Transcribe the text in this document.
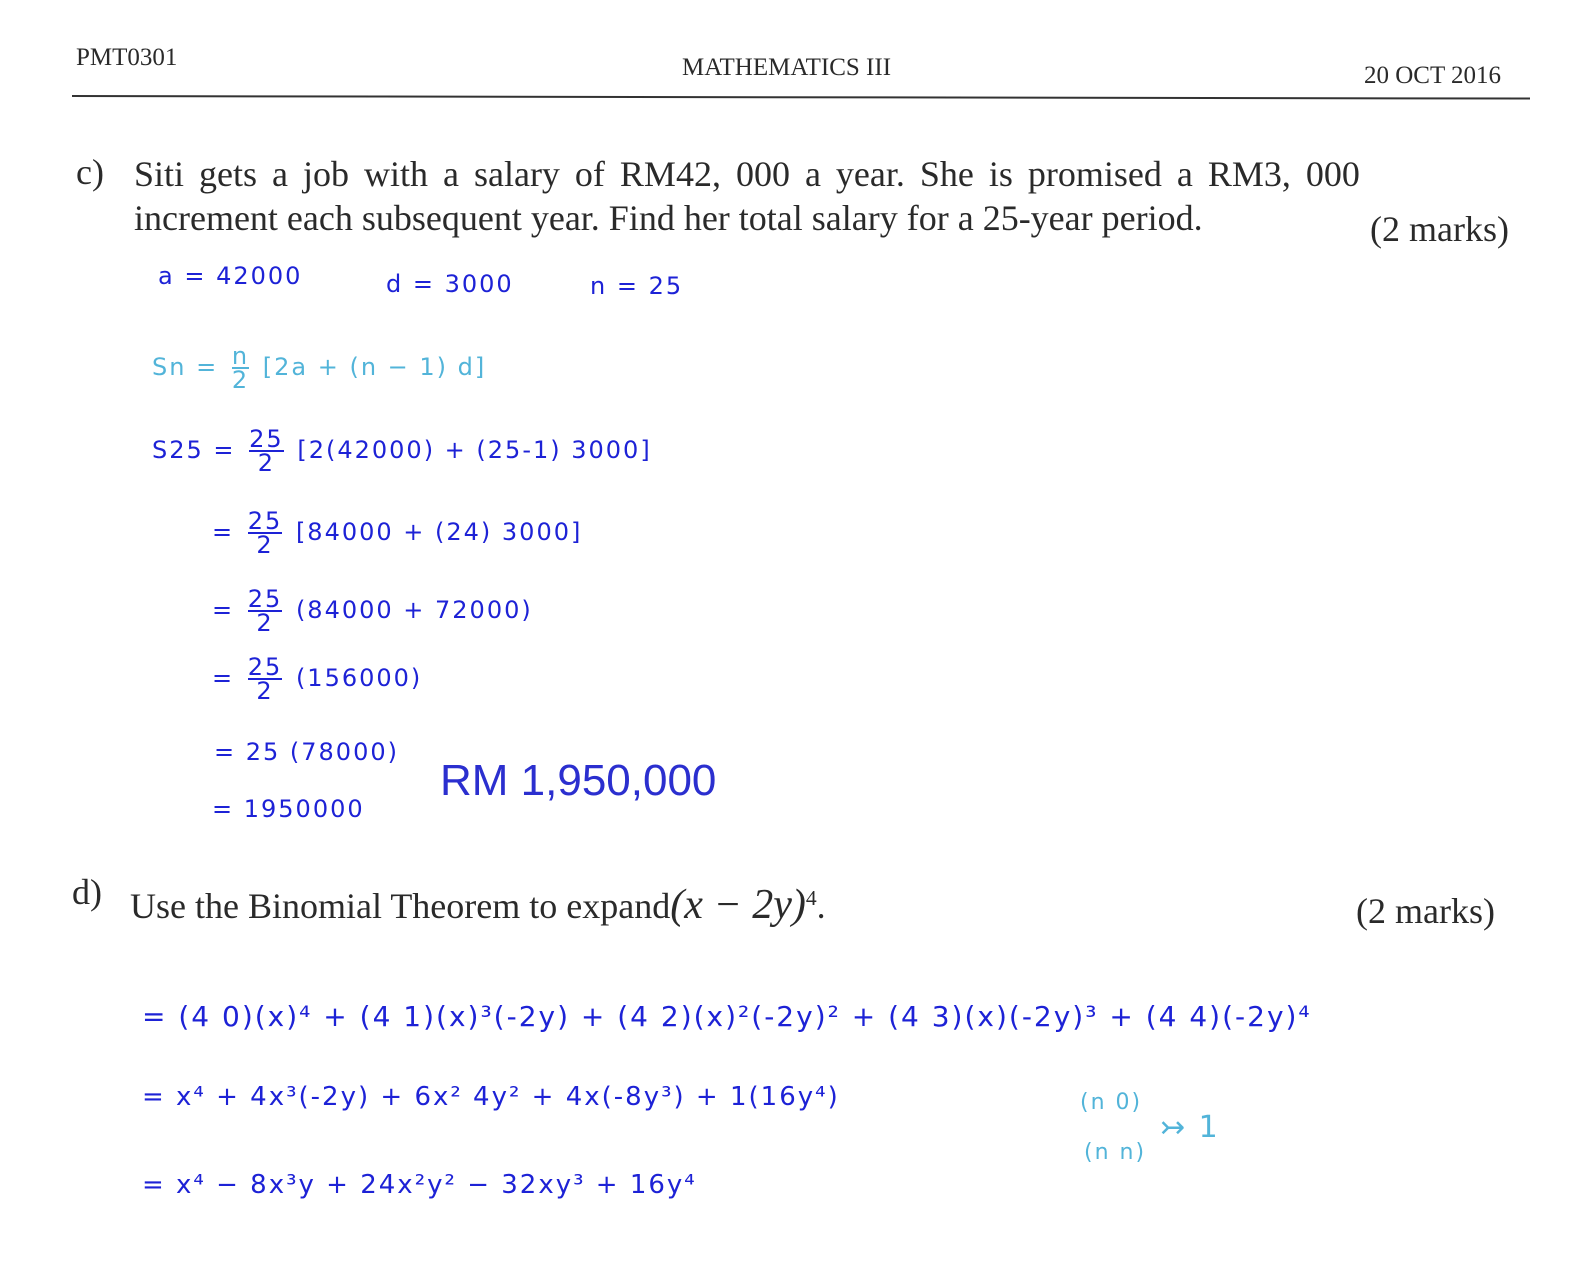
PMT0301	MATHEMATICS III	20 OCT 2016
c) Siti gets a job with a salary of RM42, 000 a year. She is promised a RM3, 000
increment each subsequent year. Find her total salary for a 25-year period.	(2 marks)
a = 42000	d = 3000	n = 25
$Sn = \frac{n}{2} [2a + (n - 1)$ d]
$S25 = \frac{25}{2} [2(42000) + (25-1)$ 3000]
= $\frac{25}{2} [84000 + (24)$ 3000]
= $\frac{25}{2} (84000 + 72000)$
= $\frac{25}{2} (156000)$
= 25 (78000)
= 1950000
RM 1,950,000
d) Use the Binomial Theorem to expand(x − 2y)$^4$.	(2 marks)
= (4 0)(x)⁴ + (4 1)(x)³(-2y) + (4 2)(x)²(-2y)² + (4 3)(x)(-2y)³ + (4 4)(-2y)⁴
= x⁴ + 4x³(-2y) + 6x² 4y² + 4x(-8y³) + 1(16y⁴)
= x⁴ − 8x³y + 24x²y² − 32xy³ + 16y⁴
(n 0)
(n n)
↣ 1
